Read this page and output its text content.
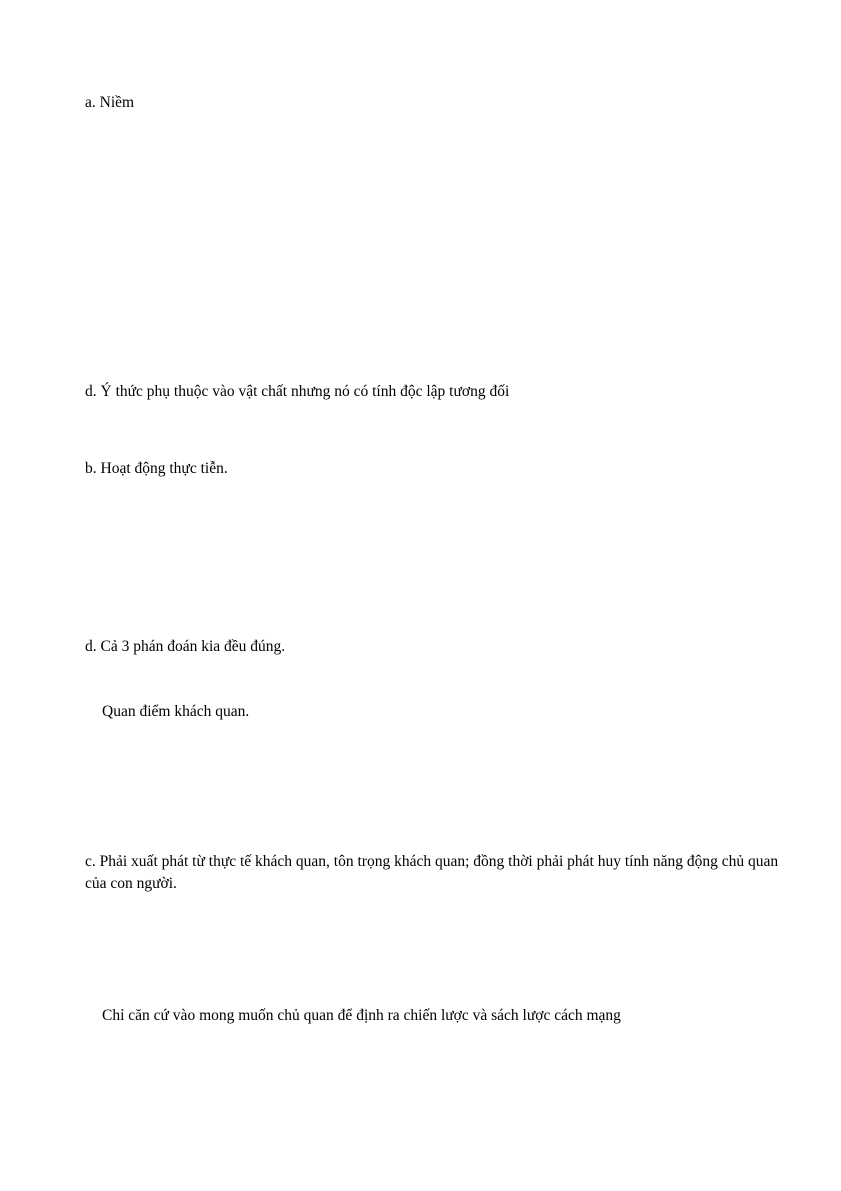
a. Niềm
d. Ý thức phụ thuộc vào vật chất nhưng nó có tính độc lập tương đối
b. Hoạt động thực tiễn.
d. Cả 3 phán đoán kia đều đúng.
Quan điểm khách quan.
c. Phải xuất phát từ thực tế khách quan, tôn trọng khách quan; đồng thời phải phát huy tính năng động chủ quan của con người.
Chỉ căn cứ vào mong muốn chủ quan để định ra chiến lược và sách lược cách mạng
